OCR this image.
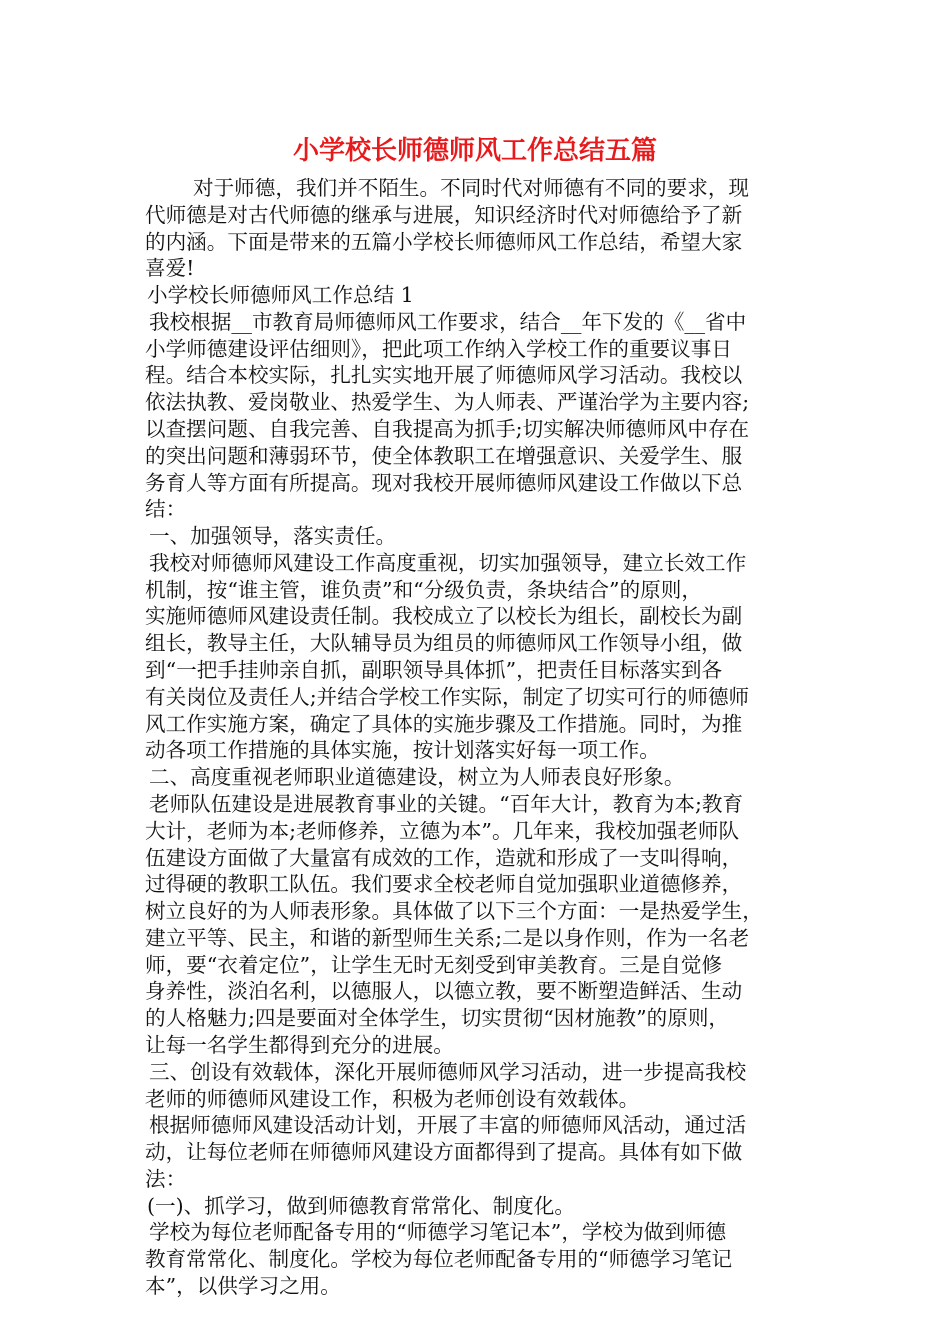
小学校长师德师风工作总结五篇
对于师德，我们并不陌生。不同时代对师德有不同的要求，现
代师德是对古代师德的继承与进展，知识经济时代对师德给予了新
的内涵。下面是带来的五篇小学校长师德师风工作总结，希望大家
喜爱!
小学校长师德师风工作总结 1
我校根据__市教育局师德师风工作要求，结合__年下发的《__省中
小学师德建设评估细则》，把此项工作纳入学校工作的重要议事日
程。结合本校实际，扎扎实实地开展了师德师风学习活动。我校以
依法执教、爱岗敬业、热爱学生、为人师表、严谨治学为主要内容;
以查摆问题、自我完善、自我提高为抓手;切实解决师德师风中存在
的突出问题和薄弱环节，使全体教职工在增强意识、关爱学生、服
务育人等方面有所提高。现对我校开展师德师风建设工作做以下总
结：
一、加强领导，落实责任。
我校对师德师风建设工作高度重视，切实加强领导，建立长效工作
机制，按“谁主管，谁负责”和“分级负责，条块结合”的原则，
实施师德师风建设责任制。我校成立了以校长为组长，副校长为副
组长，教导主任，大队辅导员为组员的师德师风工作领导小组，做
到“一把手挂帅亲自抓，副职领导具体抓”，把责任目标落实到各
有关岗位及责任人;并结合学校工作实际，制定了切实可行的师德师
风工作实施方案，确定了具体的实施步骤及工作措施。同时，为推
动各项工作措施的具体实施，按计划落实好每一项工作。
二、高度重视老师职业道德建设，树立为人师表良好形象。
老师队伍建设是进展教育事业的关键。“百年大计，教育为本;教育
大计，老师为本;老师修养，立德为本”。几年来，我校加强老师队
伍建设方面做了大量富有成效的工作，造就和形成了一支叫得响，
过得硬的教职工队伍。我们要求全校老师自觉加强职业道德修养，
树立良好的为人师表形象。具体做了以下三个方面：一是热爱学生，
建立平等、民主，和谐的新型师生关系;二是以身作则，作为一名老
师，要“衣着定位”，让学生无时无刻受到审美教育。三是自觉修
身养性，淡泊名利，以德服人，以德立教，要不断塑造鲜活、生动
的人格魅力;四是要面对全体学生，切实贯彻“因材施教”的原则，
让每一名学生都得到充分的进展。
三、创设有效载体，深化开展师德师风学习活动，进一步提高我校
老师的师德师风建设工作，积极为老师创设有效载体。
根据师德师风建设活动计划，开展了丰富的师德师风活动，通过活
动，让每位老师在师德师风建设方面都得到了提高。具体有如下做
法：
(一)、抓学习，做到师德教育常常化、制度化。
学校为每位老师配备专用的“师德学习笔记本”，学校为做到师德
教育常常化、制度化。学校为每位老师配备专用的“师德学习笔记
本”，以供学习之用。
